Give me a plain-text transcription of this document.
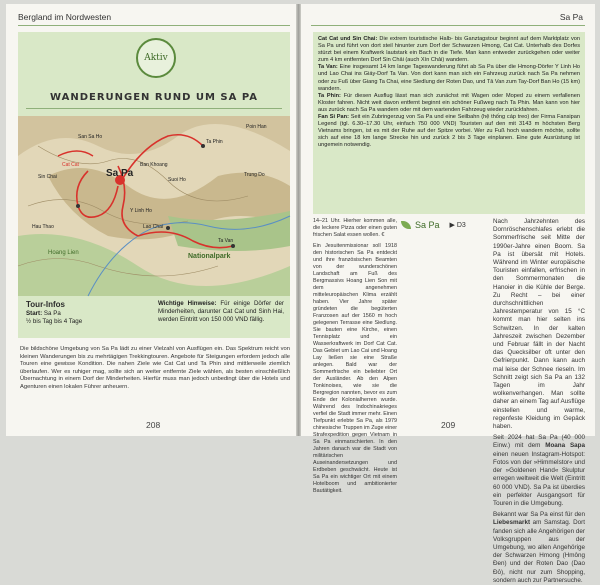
Bergland im Nordwesten
Aktiv
WANDERUNGEN RUND UM SA PA
Sa Pa
Nationalpark
Hoang Lien
Ban Khoang
Ta Phin
Poin Han
Cat Cat
Sin Chai
Lao Chai
Ta Van
Y Linh Ho
Suoi Ho
Trung Do
Hau Thao
San Sa Ho
Tour-Infos
Start: Sa Pa
½ bis Tag bis 4 Tage
Wichtige Hinweise: Für einige Dörfer der Minderheiten, darunter Cat Cat und Sinh Hai, werden Eintritt von 150 000 VND fällig.
Die bildschöne Umgebung von Sa Pa lädt zu einer Vielzahl von Ausflügen ein. Das Spektrum reicht von kleinen Wanderungen bis zu mehrtägigen Trekkingtouren. Angebote für Steigungen erfordern jedoch alle Touren eine gewisse Kondition. Die nahen Ziele wie Cat Cat und Ta Phin sind mittlerweile ziemlich überlaufen. Wer es ruhiger mag, sollte sich an weiter entfernte Ziele wählen, als besten einschließlich Übernachtung in einem Dorf der Minderheiten. Hierfür muss man jedoch unbedingt über die Hotels und Agenturen einen lokalen Führer anheuern.
208
Sa Pa

Cat Cat und Sin Chai: Die extrem touristische Halb- bis Ganztagstour beginnt auf dem Marktplatz von Sa Pa und führt von dort steil hinunter zum Dorf der Schwarzen Hmong, Cat Cat. Unterhalb des Dorfes stürzt bei einem Kraftwerk lautstark ein Bach in die Tiefe. Man kann entweder zurückgehen oder weiter zum 4 km entfernten Dorf Sin Chải (auch Xín Chải) wandern.

Ta Van: Eine insgesamt 14 km lange Tageswanderung führt ab Sa Pa über die Hmong-Dörfer Y Linh Ho und Lao Chai ins Giáy-Dorf Ta Van. Von dort kann man sich ein Fahrzeug zurück nach Sa Pa nehmen oder zu Fuß über Giang Ta Chai, eine Siedlung der Roten Dao, und Tả Van zum Tay-Dorf Ban Ho (15 km) wandern.

Ta Phin: Für diesen Ausflug lässt man sich zunächst mit Wagen oder Moped zu einem verfallenen Kloster fahren. Nicht weit davon entfernt beginnt ein schöner Fußweg nach Ta Phin. Man kann von hier aus zurück nach Sa Pa wandern oder mit dem wartenden Fahrzeug wieder zurückfahren.

Fan Si Pan: Seit ein Zubringerzug von Sa Pa und eine Seilbahn (hệ thống cáp treo) der Firma Fansipan Legend (tgl. 6.30–17.30 Uhr, einfach 750 000 VND) Touristen auf den mit 3143 m höchsten Berg Vietnams bringen, ist es mit der Ruhe auf der Spitze vorbei. Wer zu Fuß hoch wandern möchte, sollte sich auf eine 18 km lange Strecke hin und zurück 2 bis 3 Tage einplanen. Eine gute Ausrüstung ist ungemein notwendig.

14–21 Uhr. Hierher kommen alle, die leckere Pizza oder einen guten frischen Salat essen wollen. €
Ein Jesuitenmissionar soll 1918 den historischen Sa Pa entdeckt und ihre französischen Beamten von der wunderschönen Landschaft am Fuß des Bergmassivs Hoang Lien Son mit dem angenehmen mitteleuropäischen Klima erzählt haben. Vier Jahre später gründeten die begüterten Franzosen auf der 1560 m hoch gelegenen Terrasse eine Siedlung. Sie bauten eine Kirche, einen Tennisplatz und ein Wasserkraftwerk im Dorf Cat Cat. Das Gebiet um Lao Cai und Hoang Lay ließen sie eine Straße anlegen. Bald war der Sommerfrische ein beliebter Ort der Ausländer. Ab den Alpen Tonkinoises, wie sie die Bergregion nannten, bevor es zum Ende der Kolonialherren wurde. Während des Indochinakrieges verfiel die Stadt immer mehr. Einen Tiefpunkt erlebte Sa Pa, als 1979 chinesische Truppen im Zuge einer Strafexpedition gegen Vietnam in Sa Pa einmarschierten. In den Jahren danach war die Stadt von militärischen Auseinandersetzungen und Erdbeben geschwächt. Heute ist Sa Pa ein wichtiger Ort mit einem Hotelboom und ambitionierter Bautätigkeit.
Sa Pa ▶ D3
Nach Jahrzehnten des Dornröschenschlafes erlebt die Sommerfrische seit Mitte der 1990er-Jahre einen Boom. Sa Pa ist übersät mit Hotels. Während im Winter europäische Touristen einfallen, erfrischen in den Sommermonaten die Hanoier in die Kühle der Berge. Zu Recht – bei einer durchschnittlichen Jahrestemperatur von 15 °C kommt man hier selten ins Schwitzen. In der kalten Jahreszeit zwischen Dezember und Februar fällt in der Nacht das Quecksilber oft unter den Gefrierpunkt. Dann kann auch mal leise der Schnee rieseln. Im Schnitt zeigt sich Sa Pa an 132 Tagen im Jahr wolkenverhangen. Man sollte daher an einem Tag auf Ausflüge einstellen und warme, regenfeste Kleidung im Gepäck haben.
Seit 2024 hat Sa Pa (40 000 Einw.) mit dem Moana Sapa einen neuen Instagram-Hotspot: Fotos von der »Himmelstor« und der »Goldenen Hand« Skulptur erregen weltweit die Welt (Eintritt 60 000 VND). Sa Pa ist überdies ein perfekter Ausgangsort für Touren in die Umgebung.
Bekannt war Sa Pa einst für den Liebesmarkt am Samstag. Dort fanden sich alle Angehörigen der Volksgruppen aus der Umgebung, wo allen Angehörige der Schwarzen Hmong (Hmông Đen) und der Roten Dao (Dao Đỏ), nicht nur zum Shopping, sondern auch zur Partnersuche.
209
